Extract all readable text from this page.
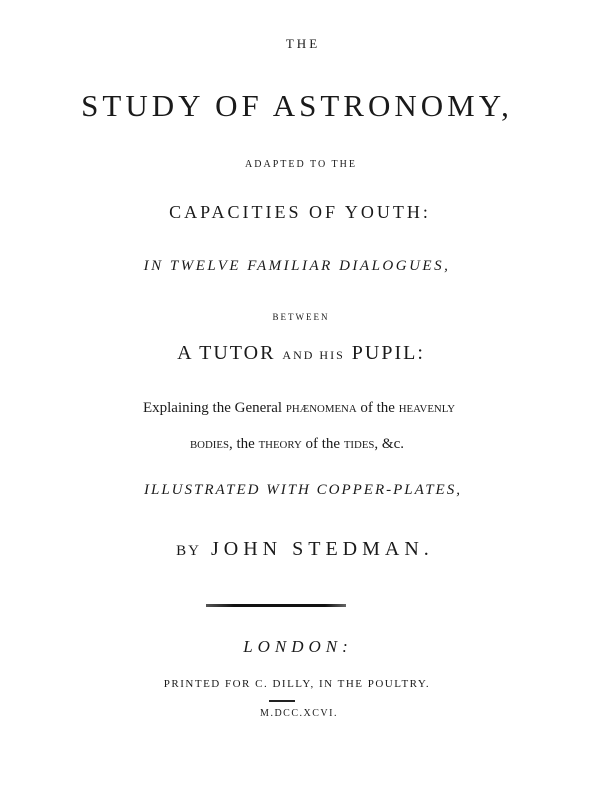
THE
STUDY OF ASTRONOMY,
ADAPTED TO THE
CAPACITIES OF YOUTH:
IN TWELVE FAMILIAR DIALOGUES,
BETWEEN
A TUTOR AND HIS PUPIL:
Explaining the General PHÆNOMENA of the HEAVENLY
BODIES, the THEORY of the TIDES, &c.
ILLUSTRATED WITH COPPER-PLATES,
BY JOHN STEDMAN.
LONDON:
PRINTED FOR C. DILLY, IN THE POULTRY.
M.DCC.XCVI.
